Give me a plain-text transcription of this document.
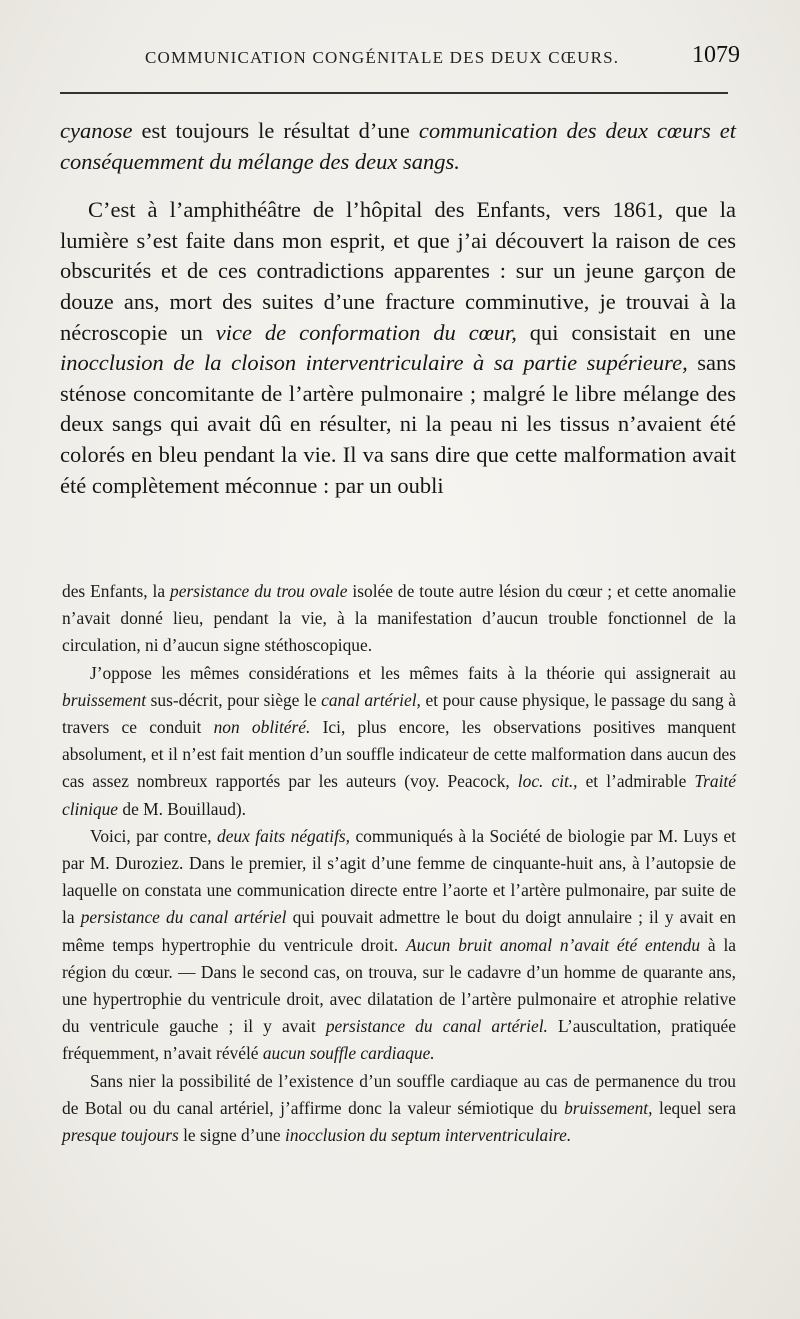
COMMUNICATION CONGÉNITALE DES DEUX CŒURS.	1079

cyanose est toujours le résultat d’une communication des deux cœurs et conséquemment du mélange des deux sangs.

C’est à l’amphithéâtre de l’hôpital des Enfants, vers 1861, que la lumière s’est faite dans mon esprit, et que j’ai découvert la raison de ces obscurités et de ces contradictions apparentes : sur un jeune garçon de douze ans, mort des suites d’une fracture comminutive, je trouvai à la nécroscopie un vice de conformation du cœur, qui consistait en une inocclusion de la cloison interventriculaire à sa partie supérieure, sans sténose concomitante de l’artère pulmonaire ; malgré le libre mélange des deux sangs qui avait dû en résulter, ni la peau ni les tissus n’avaient été colorés en bleu pendant la vie. Il va sans dire que cette malformation avait été complètement méconnue : par un oubli

des Enfants, la persistance du trou ovale isolée de toute autre lésion du cœur ; et cette anomalie n’avait donné lieu, pendant la vie, à la manifestation d’aucun trouble fonctionnel de la circulation, ni d’aucun signe stéthoscopique.

J’oppose les mêmes considérations et les mêmes faits à la théorie qui assignerait au bruissement sus-décrit, pour siège le canal artériel, et pour cause physique, le passage du sang à travers ce conduit non oblitéré. Ici, plus encore, les observations positives manquent absolument, et il n’est fait mention d’un souffle indicateur de cette malformation dans aucun des cas assez nombreux rapportés par les auteurs (voy. Peacock, loc. cit., et l’admirable Traité clinique de M. Bouillaud).

Voici, par contre, deux faits négatifs, communiqués à la Société de biologie par M. Luys et par M. Duroziez. Dans le premier, il s’agit d’une femme de cinquante-huit ans, à l’autopsie de laquelle on constata une communication directe entre l’aorte et l’artère pulmonaire, par suite de la persistance du canal artériel qui pouvait admettre le bout du doigt annulaire ; il y avait en même temps hypertrophie du ventricule droit. Aucun bruit anomal n’avait été entendu à la région du cœur. — Dans le second cas, on trouva, sur le cadavre d’un homme de quarante ans, une hypertrophie du ventricule droit, avec dilatation de l’artère pulmonaire et atrophie relative du ventricule gauche ; il y avait persistance du canal artériel. L’auscultation, pratiquée fréquemment, n’avait révélé aucun souffle cardiaque.

Sans nier la possibilité de l’existence d’un souffle cardiaque au cas de permanence du trou de Botal ou du canal artériel, j’affirme donc la valeur sémiotique du bruissement, lequel sera presque toujours le signe d’une inocclusion du septum interventriculaire.
